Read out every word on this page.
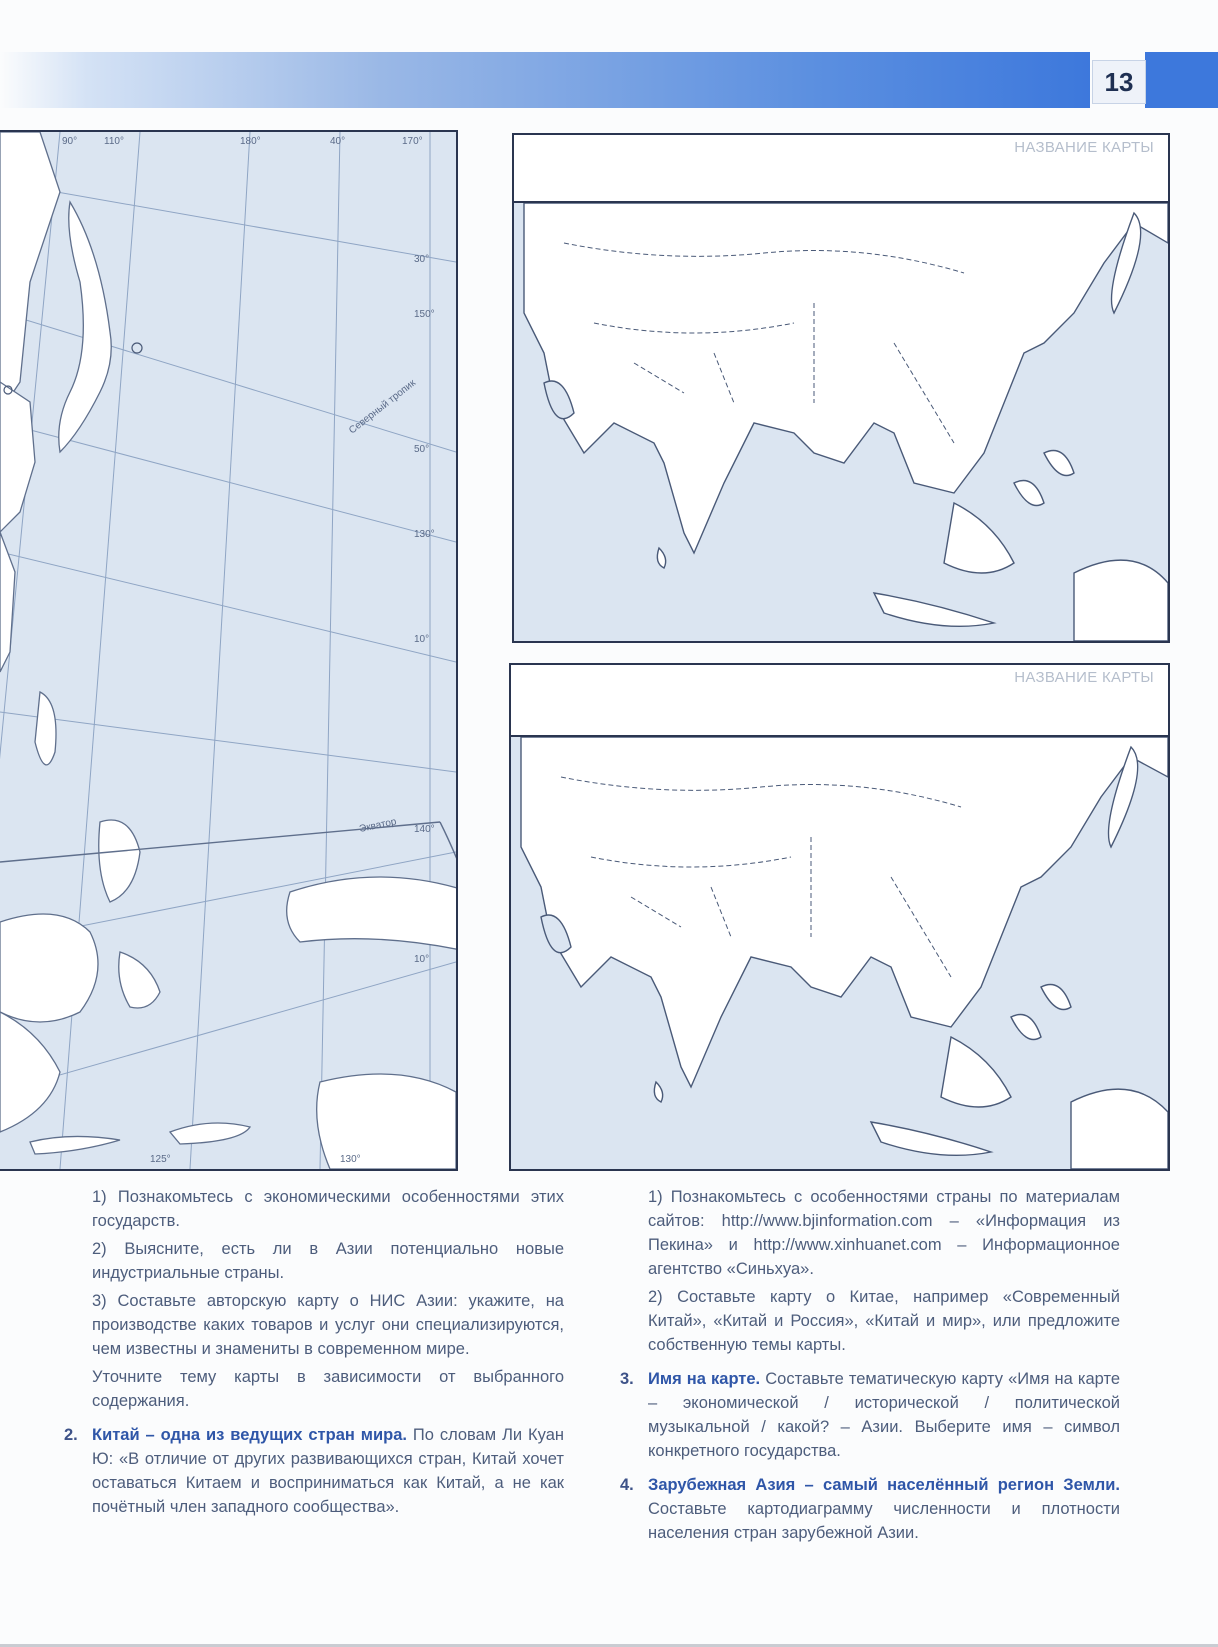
13
90°	110°	180°	40°	170°
30°
150°
50°
130°
10°
140°
10°
125°	130°
Северный тропик
Экватор
НАЗВАНИЕ КАРТЫ
НАЗВАНИЕ КАРТЫ

1) Познакомьтесь с экономическими особенностями этих государств.

2) Выясните, есть ли в Азии потенциально новые индустриальные страны.

3) Составьте авторскую карту о НИС Азии: укажите, на производстве каких товаров и услуг они специализируются, чем известны и знамениты в современном мире.

Уточните тему карты в зависимости от выбранного содержания.

2. Китай – одна из ведущих стран мира. По словам Ли Куан Ю: «В отличие от других развивающихся стран, Китай хочет оставаться Китаем и восприниматься как Китай, а не как почётный член западного сообщества».

1) Познакомьтесь с особенностями страны по материалам сайтов: http://www.bjinformation.com – «Информация из Пекина» и http://www.xinhuanet.com – Информационное агентство «Синьхуа».

2) Составьте карту о Китае, например «Современный Китай», «Китай и Россия», «Китай и мир», или предложите собственную темы карты.

3. Имя на карте. Составьте тематическую карту «Имя на карте – экономической / исторической / политической музыкальной / какой? – Азии. Выберите имя – символ конкретного государства.

4. Зарубежная Азия – самый населённый регион Земли. Составьте картодиаграмму численности и плотности населения стран зарубежной Азии.
